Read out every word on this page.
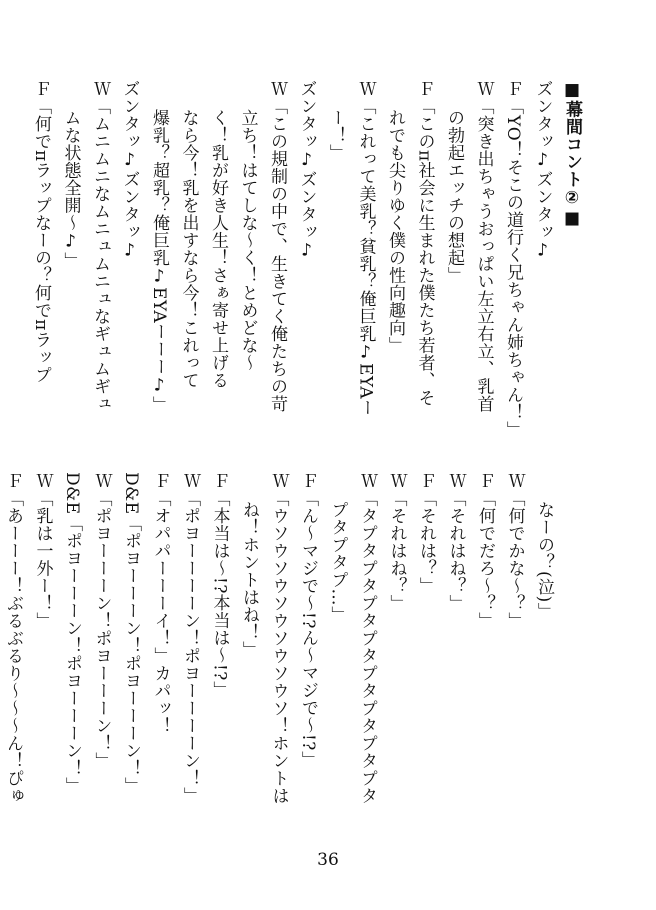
■幕間コント②■
ズンタッ♪ズンタッ♪
Ｆ「YO！そこの道行く兄ちゃん姉ちゃん！」
Ｗ「突き出ちゃうおっぱい左立右立、乳首
の勃起エッチの想起」
Ｆ「このπ社会に生まれた僕たち若者、そ
れでも尖りゆく僕の性向趣向」
Ｗ「これって美乳？貧乳？俺巨乳♪EYAー
ー！」
ズンタッ♪ズンタッ♪
Ｗ「この規制の中で、生きてく俺たちの苛
立ち！はてしな〜く！とめどな〜
く！乳が好き人生！さぁ寄せ上げる
なら今！乳を出すなら今！これって
爆乳？超乳？俺巨乳♪EYAーーー♪」
ズンタッ♪ズンタッ♪
Ｗ「ムニムニなムニュムニュなギュムギュ
ムな状態全開〜♪」
Ｆ「何でπラップなーの？何でπラップ
なーの？(泣)」
Ｗ「何でかな〜？」
Ｆ「何でだろ〜？」
Ｗ「それはね？」
Ｆ「それは？」
Ｗ「それはね？」
Ｗ「タプタプタプタプタプタプタプタプタ
プタプタプ…」
Ｆ「ん〜マジで〜!?ん〜マジで〜!?」
Ｗ「ウソウソウソウソウソウソ！ホントは
ね！ホントはね！」
Ｆ「本当は〜!?本当は〜!?」
Ｗ「ポヨーーーーン！ポヨーーーーン！」
Ｆ「オパパーーーイ！」カパッ！
D&E「ポヨーーーン！ポヨーーーン！」
Ｗ「ポヨーーーン！ポヨーーーン！」
D&E「ポヨーーーン！ポヨーーーン！」
Ｗ「乳は一外ー！」
Ｆ「あーーー！ぶるぶるり〜〜〜ん！ぴゅ
36
